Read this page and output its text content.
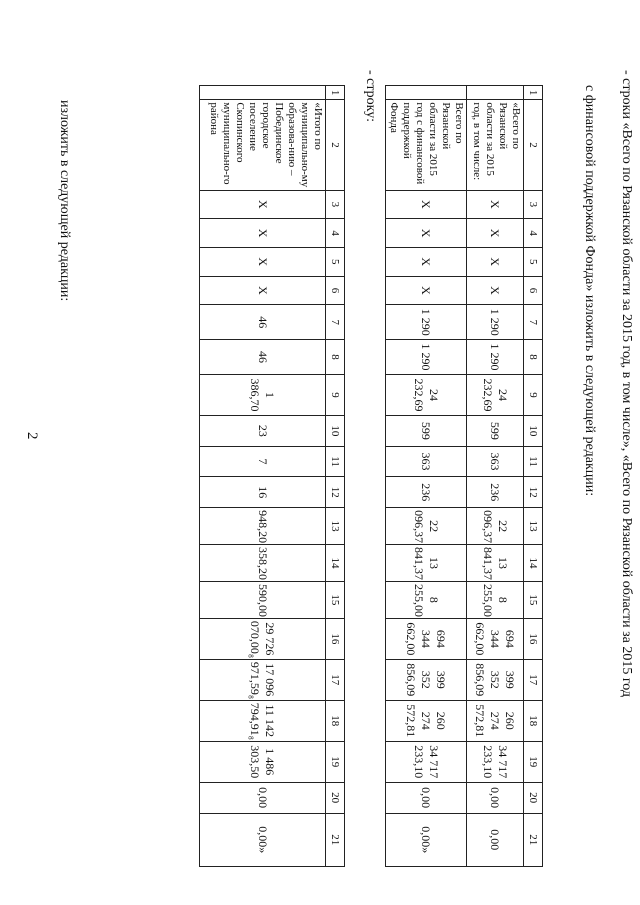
2	- строки «Всего по Рязанской области за 2015 год, в том числе», «Всего по Рязанской области за 2015 год

с финансовой поддержкой Фонда» изложить в следующей редакции:

1	2	3	4	5	6	7	8	9	10	11	12	13	14	15	16	17	18	19	20	21
	«Всего по Рязанской области за 2015 год, в том числе:	X	X	X	X	1 290	1 290	24 232,69	599	363	236	22 096,37	13 841,37	8 255,00	694 344 662,00	399 352 856,09	260 274 572,81	34 717 233,10	0,00	0,00
	Всего по Рязанской области за 2015 год с финансовой поддержкой Фонда	X	X	X	X	1 290	1 290	24 232,69	599	363	236	22 096,37	13 841,37	8 255,00	694 344 662,00	399 352 856,09	260 274 572,81	34 717 233,10	0,00	0,00»
- строку:
1	2	3	4	5	6	7	8	9	10	11	12	13	14	15	16	17	18	19	20	21
	«Итого по муниципально-му образова-нию – Побединское городское поселение Скопинского муниципально-го района	X	X	X	X	46	46	1 386,70	23	7	16	948,20	358,20	590,00	29 726 070,00₈	17 096 971,59₈	11 142 794,91₈	1 486 303,50	0,00	0,00»
изложить в следующей редакции:
